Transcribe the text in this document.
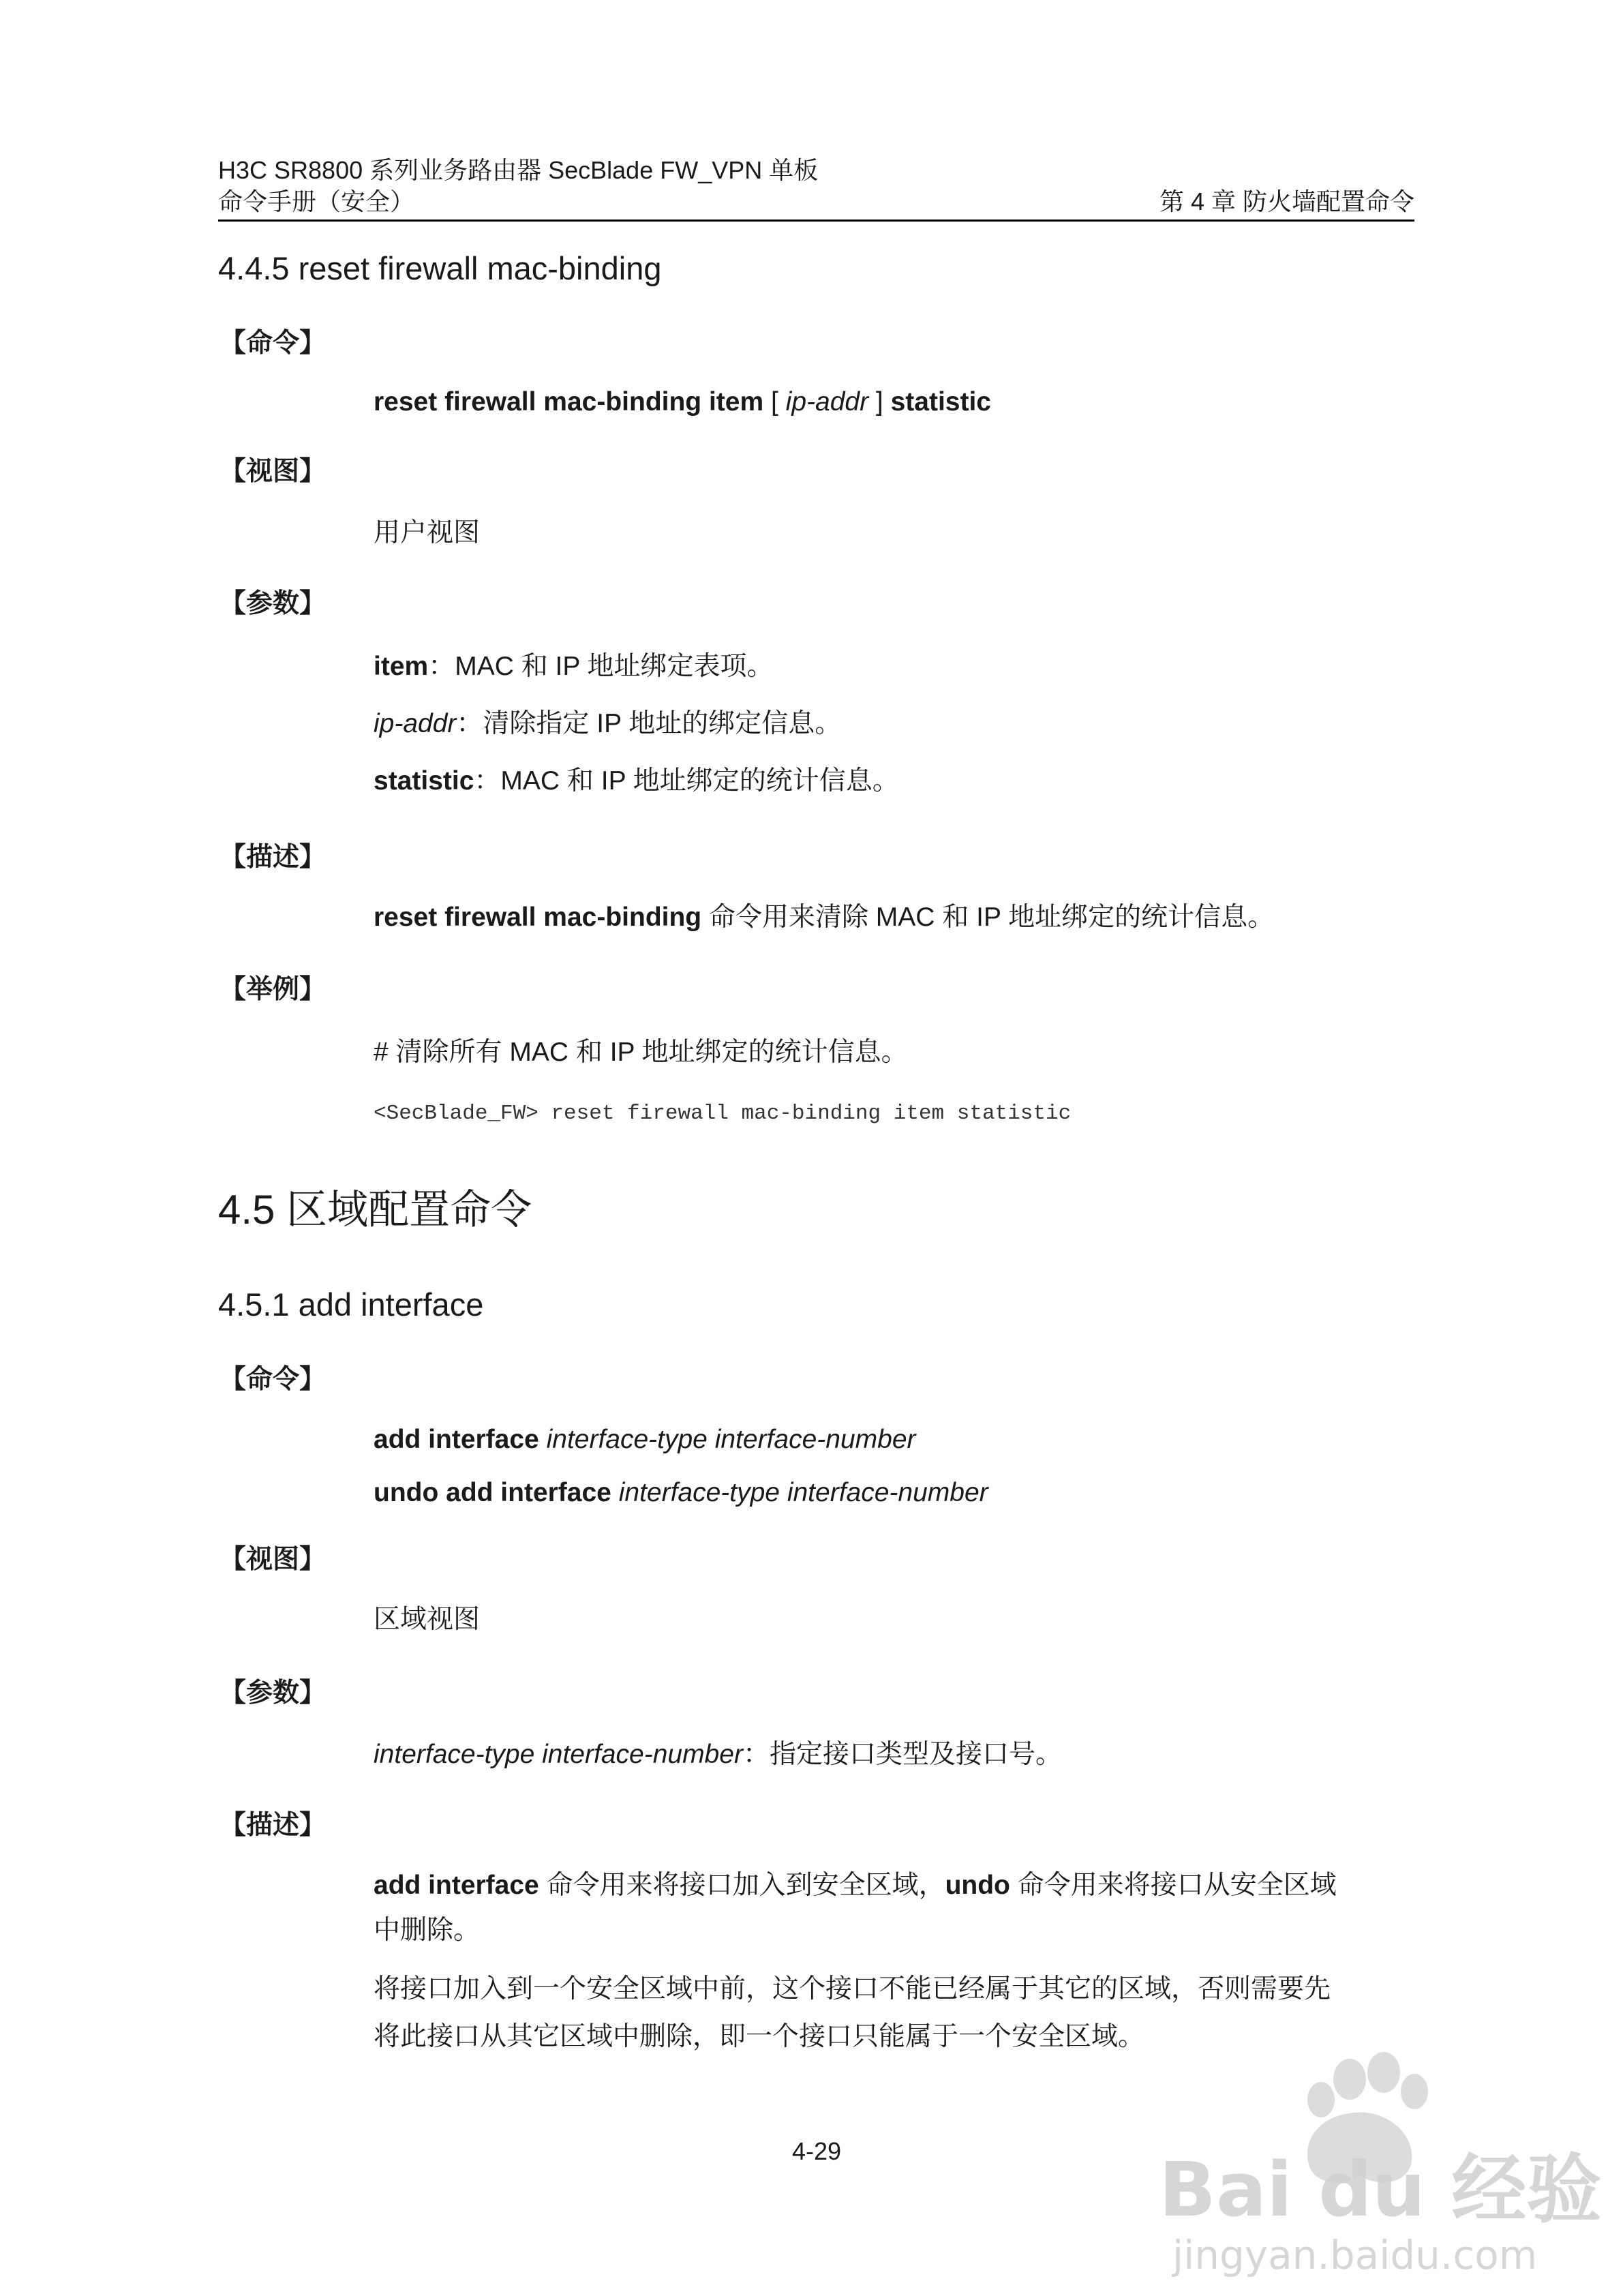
H3C SR8800 系列业务路由器 SecBlade FW_VPN 单板
命令手册（安全）	第 4 章 防火墙配置命令
4.4.5 reset firewall mac-binding
【命令】
reset firewall mac-binding item [ ip-addr ] statistic
【视图】
用户视图
【参数】
item：MAC 和 IP 地址绑定表项。
ip-addr：清除指定 IP 地址的绑定信息。
statistic：MAC 和 IP 地址绑定的统计信息。
【描述】
reset firewall mac-binding 命令用来清除 MAC 和 IP 地址绑定的统计信息。
【举例】
# 清除所有 MAC 和 IP 地址绑定的统计信息。
<SecBlade_FW> reset firewall mac-binding item statistic
4.5 区域配置命令
4.5.1 add interface
【命令】
add interface interface-type interface-number
undo add interface interface-type interface-number
【视图】
区域视图
【参数】
interface-type interface-number：指定接口类型及接口号。
【描述】
add interface 命令用来将接口加入到安全区域，undo 命令用来将接口从安全区域
中删除。
将接口加入到一个安全区域中前，这个接口不能已经属于其它的区域，否则需要先
将此接口从其它区域中删除，即一个接口只能属于一个安全区域。
4-29	Bai du 经验
jingyan.baidu.com
